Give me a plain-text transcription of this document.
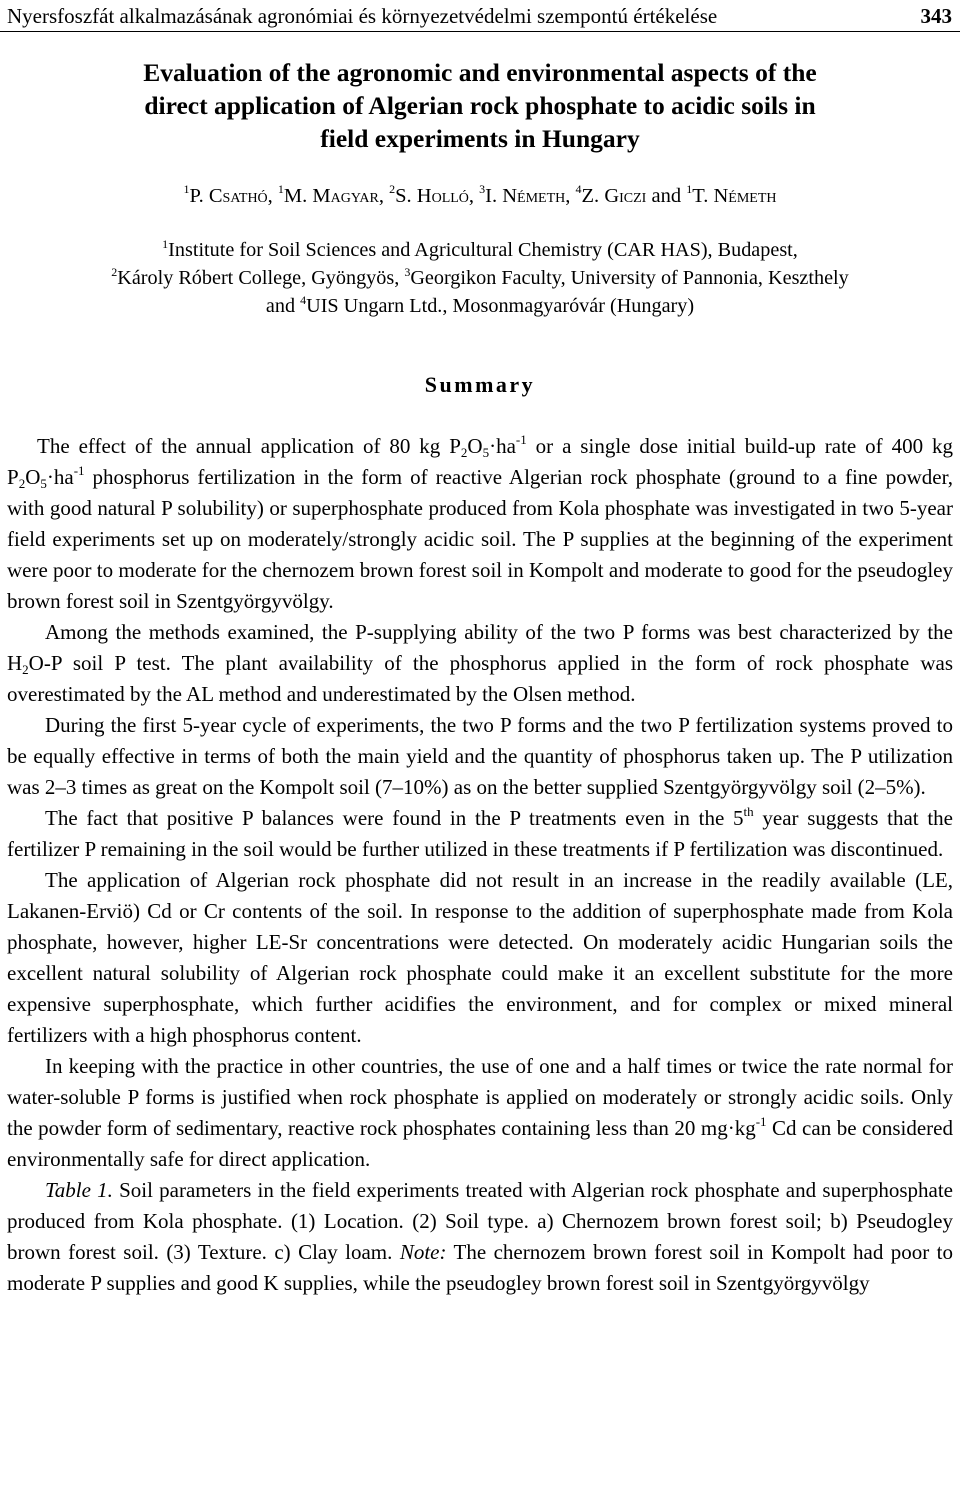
Nyersfoszfát alkalmazásának agronómiai és környezetvédelmi szempontú értékelése	343
Evaluation of the agronomic and environmental aspects of the
direct application of Algerian rock phosphate to acidic soils in
field experiments in Hungary
$^1$P. Csathó, $^1$M. Magyar, $^2$S. Holló, $^3$I. Németh, $^4$Z. Giczi and $^1$T. Németh
$^1$Institute for Soil Sciences and Agricultural Chemistry (CAR HAS), Budapest,
$^2$Károly Róbert College, Gyöngyös, $^3$Georgikon Faculty, University of Pannonia, Keszthely
and $^4$UIS Ungarn Ltd., Mosonmagyaróvár (Hungary)
Summary

The effect of the annual application of 80 kg $P_2O_5\cdot ha^{-1}$ or a single dose initial build-up rate of 400 kg $P_2O_5\cdot ha^{-1}$ phosphorus fertilization in the form of reactive Algerian rock phosphate (ground to a fine powder, with good natural P solubility) or superphosphate produced from Kola phosphate was investigated in two 5-year field experiments set up on moderately/strongly acidic soil. The P supplies at the beginning of the experiment were poor to moderate for the chernozem brown forest soil in Kompolt and moderate to good for the pseudogley brown forest soil in Szentgyörgyvölgy.

Among the methods examined, the P-supplying ability of the two P forms was best characterized by the $H_2O-P$ soil P test. The plant availability of the phosphorus applied in the form of rock phosphate was overestimated by the AL method and underestimated by the Olsen method.

During the first 5-year cycle of experiments, the two P forms and the two P fertilization systems proved to be equally effective in terms of both the main yield and the quantity of phosphorus taken up. The P utilization was 2–3 times as great on the Kompolt soil (7–10%) as on the better supplied Szentgyörgyvölgy soil (2–5%).

The fact that positive P balances were found in the P treatments even in the 5th year suggests that the fertilizer P remaining in the soil would be further utilized in these treatments if P fertilization was discontinued.

The application of Algerian rock phosphate did not result in an increase in the readily available (LE, Lakanen-Erviö) Cd or Cr contents of the soil. In response to the addition of superphosphate made from Kola phosphate, however, higher LE-Sr concentrations were detected. On moderately acidic Hungarian soils the excellent natural solubility of Algerian rock phosphate could make it an excellent substitute for the more expensive superphosphate, which further acidifies the environment, and for complex or mixed mineral fertilizers with a high phosphorus content.

In keeping with the practice in other countries, the use of one and a half times or twice the rate normal for water-soluble P forms is justified when rock phosphate is applied on moderately or strongly acidic soils. Only the powder form of sedimentary, reactive rock phosphates containing less than 20 $mg\cdot kg^{-1}$ Cd can be considered environmentally safe for direct application.

Table 1. Soil parameters in the field experiments treated with Algerian rock phosphate and superphosphate produced from Kola phosphate. (1) Location. (2) Soil type. a) Chernozem brown forest soil; b) Pseudogley brown forest soil. (3) Texture. c) Clay loam. Note: The chernozem brown forest soil in Kompolt had poor to moderate P supplies and good K supplies, while the pseudogley brown forest soil in Szentgyörgyvölgy
